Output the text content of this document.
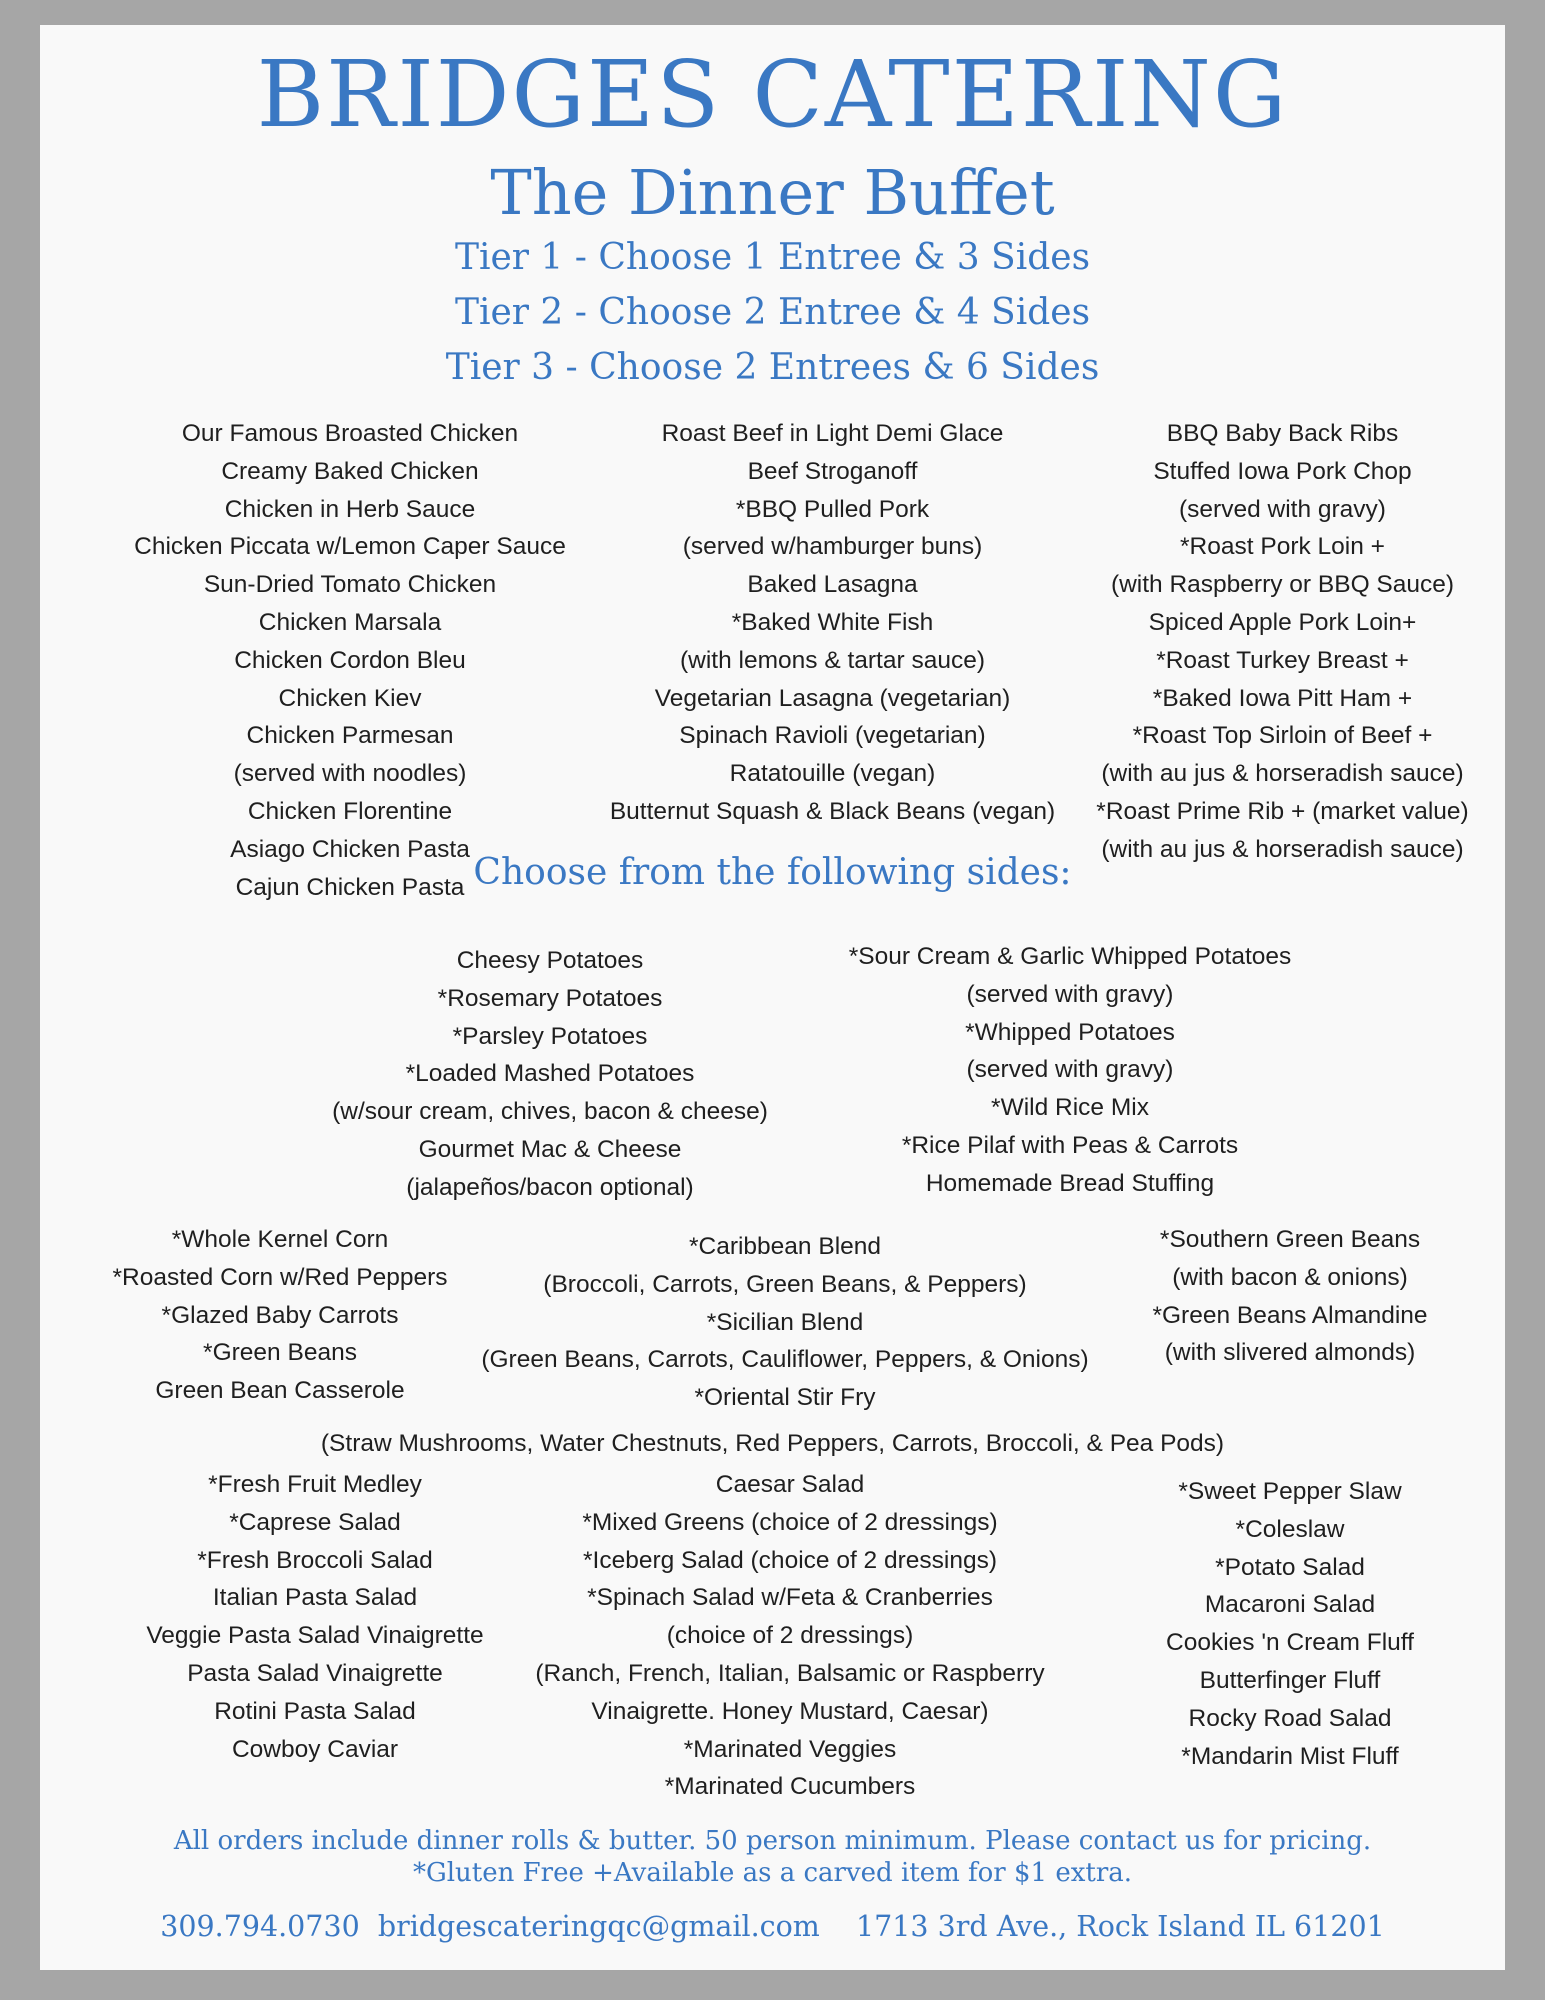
BRIDGES CATERING
The Dinner Buffet
Tier 1 - Choose 1 Entree & 3 Sides
Tier 2 - Choose 2 Entree & 4 Sides
Tier 3 - Choose 2 Entrees & 6 Sides
Our Famous Broasted Chicken
Creamy Baked Chicken
Chicken in Herb Sauce
Chicken Piccata w/Lemon Caper Sauce
Sun-Dried Tomato Chicken
Chicken Marsala
Chicken Cordon Bleu
Chicken Kiev
Chicken Parmesan
(served with noodles)
Chicken Florentine
Asiago Chicken Pasta
Cajun Chicken Pasta
Roast Beef in Light Demi Glace
Beef Stroganoff
*BBQ Pulled Pork
(served w/hamburger buns)
Baked Lasagna
*Baked White Fish
(with lemons & tartar sauce)
Vegetarian Lasagna (vegetarian)
Spinach Ravioli (vegetarian)
Ratatouille (vegan)
Butternut Squash & Black Beans (vegan)
BBQ Baby Back Ribs
Stuffed Iowa Pork Chop
(served with gravy)
*Roast Pork Loin +
(with Raspberry or BBQ Sauce)
Spiced Apple Pork Loin+
*Roast Turkey Breast +
*Baked Iowa Pitt Ham +
*Roast Top Sirloin of Beef +
(with au jus & horseradish sauce)
*Roast Prime Rib + (market value)
(with au jus & horseradish sauce)
Choose from the following sides:
Cheesy Potatoes
*Rosemary Potatoes
*Parsley Potatoes
*Loaded Mashed Potatoes
(w/sour cream, chives, bacon & cheese)
Gourmet Mac & Cheese
(jalapeños/bacon optional)
*Sour Cream & Garlic Whipped Potatoes
(served with gravy)
*Whipped Potatoes
(served with gravy)
*Wild Rice Mix
*Rice Pilaf with Peas & Carrots
Homemade Bread Stuffing
*Whole Kernel Corn
*Roasted Corn w/Red Peppers
*Glazed Baby Carrots
*Green Beans
Green Bean Casserole
*Caribbean Blend
(Broccoli, Carrots, Green Beans, & Peppers)
*Sicilian Blend
(Green Beans, Carrots, Cauliflower, Peppers, & Onions)
*Oriental Stir Fry
*Southern Green Beans
(with bacon & onions)
*Green Beans Almandine
(with slivered almonds)
(Straw Mushrooms, Water Chestnuts, Red Peppers, Carrots, Broccoli, & Pea Pods)
*Fresh Fruit Medley
*Caprese Salad
*Fresh Broccoli Salad
Italian Pasta Salad
Veggie Pasta Salad Vinaigrette
Pasta Salad Vinaigrette
Rotini Pasta Salad
Cowboy Caviar
Caesar Salad
*Mixed Greens (choice of 2 dressings)
*Iceberg Salad (choice of 2 dressings)
*Spinach Salad w/Feta & Cranberries
(choice of 2 dressings)
(Ranch, French, Italian, Balsamic or Raspberry
Vinaigrette. Honey Mustard, Caesar)
*Marinated Veggies
*Marinated Cucumbers
*Sweet Pepper Slaw
*Coleslaw
*Potato Salad
Macaroni Salad
Cookies 'n Cream Fluff
Butterfinger Fluff
Rocky Road Salad
*Mandarin Mist Fluff
All orders include dinner rolls & butter. 50 person minimum. Please contact us for pricing.
*Gluten Free +Available as a carved item for $1 extra.
309.794.0730  bridgescateringqc@gmail.com    1713 3rd Ave., Rock Island IL 61201
